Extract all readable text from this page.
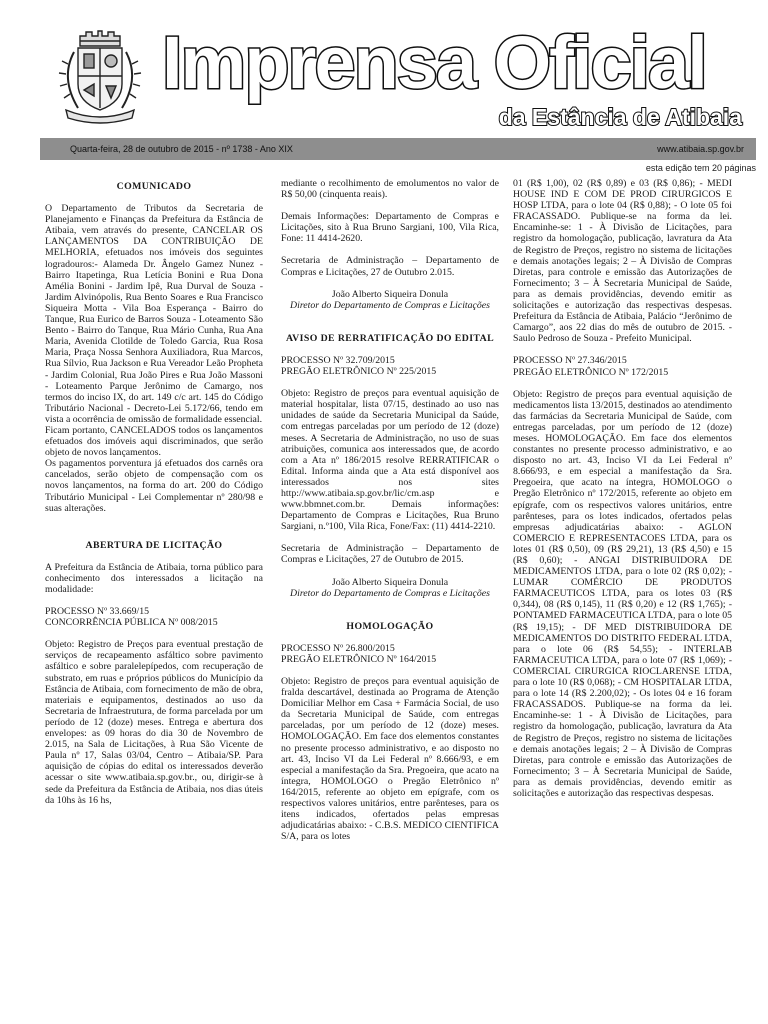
Imprensa Oficial
da Estância de Atibaia
Quarta-feira, 28 de outubro de 2015 - nº 1738 - Ano XIX	www.atibaia.sp.gov.br
esta edição tem 20 páginas
COMUNICADO

O Departamento de Tributos da Secretaria de Planejamento e Finanças da Prefeitura da Estância de Atibaia, vem através do presente, CANCELAR OS LANÇAMENTOS DA CONTRIBUIÇÃO DE MELHORIA, efetuados nos imóveis dos seguintes logradouros:- Alameda Dr. Ângelo Gamez Nunez - Bairro Itapetinga, Rua Letícia Bonini e Rua Dona Amélia Bonini - Jardim Ipê, Rua Durval de Souza - Jardim Alvinópolis, Rua Bento Soares e Rua Francisco Siqueira Motta - Vila Boa Esperança - Bairro do Tanque, Rua Eurico de Barros Souza - Loteamento São Bento - Bairro do Tanque, Rua Mário Cunha, Rua Ana Maria, Avenida Clotilde de Toledo Garcia, Rua Rosa Maria, Praça Nossa Senhora Auxiliadora, Rua Marcos, Rua Sílvio, Rua Jackson e Rua Vereador Leão Propheta - Jardim Colonial, Rua João Pires e Rua João Massoni - Loteamento Parque Jerônimo de Camargo, nos termos do inciso IX, do art. 149 c/c art. 145 do Código Tributário Nacional - Decreto-Lei 5.172/66, tendo em vista a ocorrência de omissão de formalidade essencial.

Ficam portanto, CANCELADOS todos os lançamentos efetuados dos imóveis aqui discriminados, que serão objeto de novos lançamentos.

Os pagamentos porventura já efetuados dos carnês ora cancelados, serão objeto de compensação com os novos lançamentos, na forma do art. 200 do Código Tributário Municipal - Lei Complementar nº 280/98 e suas alterações.

ABERTURA DE LICITAÇÃO

A Prefeitura da Estância de Atibaia, torna público para conhecimento dos interessados a licitação na modalidade:

PROCESSO Nº 33.669/15
CONCORRÊNCIA PÚBLICA Nº 008/2015

Objeto: Registro de Preços para eventual prestação de serviços de recapeamento asfáltico sobre pavimento asfáltico e sobre paralelepípedos, com recuperação de substrato, em ruas e próprios públicos do Município da Estância de Atibaia, com fornecimento de mão de obra, materiais e equipamentos, destinados ao uso da Secretaria de Infraestrutura, de forma parcelada por um período de 12 (doze) meses. Entrega e abertura dos envelopes: as 09 horas do dia 30 de Novembro de 2.015, na Sala de Licitações, à Rua São Vicente de Paula nº 17, Salas 03/04, Centro – Atibaia/SP. Para aquisição de cópias do edital os interessados deverão acessar o site www.atibaia.sp.gov.br., ou, dirigir-se à sede da Prefeitura da Estância de Atibaia, nos dias úteis da 10hs às 16 hs,

mediante o recolhimento de emolumentos no valor de R$ 50,00 (cinquenta reais).

Demais Informações: Departamento de Compras e Licitações, sito à Rua Bruno Sargiani, 100, Vila Rica, Fone: 11 4414-2620.

Secretaria de Administração – Departamento de Compras e Licitações, 27 de Outubro 2.015.

João Alberto Siqueira Donula
Diretor do Departamento de Compras e Licitações
AVISO DE RERRATIFICAÇÃO DO EDITAL
PROCESSO Nº 32.709/2015
PREGÃO ELETRÔNICO Nº 225/2015

Objeto: Registro de preços para eventual aquisição de material hospitalar, lista 07/15, destinado ao uso nas unidades de saúde da Secretaria Municipal da Saúde, com entregas parceladas por um período de 12 (doze) meses. A Secretaria de Administração, no uso de suas atribuições, comunica aos interessados que, de acordo com a Ata nº 186/2015 resolve RERRATIFICAR o Edital. Informa ainda que a Ata está disponível aos interessados nos sites http://www.atibaia.sp.gov.br/lic/cm.asp e www.bbmnet.com.br. Demais informações: Departamento de Compras e Licitações, Rua Bruno Sargiani, n.º100, Vila Rica, Fone/Fax: (11) 4414-2210.

Secretaria de Administração – Departamento de Compras e Licitações, 27 de Outubro de 2015.

João Alberto Siqueira Donula
Diretor do Departamento de Compras e Licitações
HOMOLOGAÇÃO
PROCESSO Nº 26.800/2015
PREGÃO ELETRÔNICO Nº 164/2015

Objeto: Registro de preços para eventual aquisição de fralda descartável, destinada ao Programa de Atenção Domiciliar Melhor em Casa + Farmácia Social, de uso da Secretaria Municipal de Saúde, com entregas parceladas, por um período de 12 (doze) meses. HOMOLOGAÇÃO. Em face dos elementos constantes no presente processo administrativo, e ao disposto no art. 43, Inciso VI da Lei Federal nº 8.666/93, e em especial a manifestação da Sra. Pregoeira, que acato na íntegra, HOMOLOGO o Pregão Eletrônico nº 164/2015, referente ao objeto em epígrafe, com os respectivos valores unitários, entre parênteses, para os itens indicados, ofertados pelas empresas adjudicatárias abaixo: - C.B.S. MEDICO CIENTIFICA S/A, para os lotes

01 (R$ 1,00), 02 (R$ 0,89) e 03 (R$ 0,86); - MEDI HOUSE IND E COM DE PROD CIRURGICOS E HOSP LTDA, para o lote 04 (R$ 0,88); - O lote 05 foi FRACASSADO. Publique-se na forma da lei. Encaminhe-se: 1 - À Divisão de Licitações, para registro da homologação, publicação, lavratura da Ata de Registro de Preços, registro no sistema de licitações e demais anotações legais; 2 – À Divisão de Compras Diretas, para controle e emissão das Autorizações de Fornecimento; 3 – À Secretaria Municipal de Saúde, para as demais providências, devendo emitir as solicitações e autorização das respectivas despesas. Prefeitura da Estância de Atibaia, Palácio “Jerônimo de Camargo”, aos 22 dias do mês de outubro de 2015. - Saulo Pedroso de Souza - Prefeito Municipal.

PROCESSO Nº 27.346/2015
PREGÃO ELETRÔNICO Nº 172/2015

Objeto: Registro de preços para eventual aquisição de medicamentos lista 13/2015, destinados ao atendimento das farmácias da Secretaria Municipal de Saúde, com entregas parceladas, por um período de 12 (doze) meses. HOMOLOGAÇÃO. Em face dos elementos constantes no presente processo administrativo, e ao disposto no art. 43, Inciso VI da Lei Federal nº 8.666/93, e em especial a manifestação da Sra. Pregoeira, que acato na íntegra, HOMOLOGO o Pregão Eletrônico nº 172/2015, referente ao objeto em epígrafe, com os respectivos valores unitários, entre parênteses, para os lotes indicados, ofertados pelas empresas adjudicatárias abaixo: - AGLON COMERCIO E REPRESENTACOES LTDA, para os lotes 01 (R$ 0,50), 09 (R$ 29,21), 13 (R$ 4,50) e 15 (R$ 0,60); - ANGAI DISTRIBUIDORA DE MEDICAMENTOS LTDA, para o lote 02 (R$ 0,02); - LUMAR COMÉRCIO DE PRODUTOS FARMACEUTICOS LTDA, para os lotes 03 (R$ 0,344), 08 (R$ 0,145), 11 (R$ 0,20) e 12 (R$ 1,765); - PONTAMED FARMACEUTICA LTDA, para o lote 05 (R$ 19,15); - DF MED DISTRIBUIDORA DE MEDICAMENTOS DO DISTRITO FEDERAL LTDA, para o lote 06 (R$ 54,55); - INTERLAB FARMACEUTICA LTDA, para o lote 07 (R$ 1,069); - COMERCIAL CIRURGICA RIOCLARENSE LTDA, para o lote 10 (R$ 0,068); - CM HOSPITALAR LTDA, para o lote 14 (R$ 2.200,02); - Os lotes 04 e 16 foram FRACASSADOS. Publique-se na forma da lei. Encaminhe-se: 1 - À Divisão de Licitações, para registro da homologação, publicação, lavratura da Ata de Registro de Preços, registro no sistema de licitações e demais anotações legais; 2 – À Divisão de Compras Diretas, para controle e emissão das Autorizações de Fornecimento; 3 – À Secretaria Municipal de Saúde, para as demais providências, devendo emitir as solicitações e autorização das respectivas despesas.
